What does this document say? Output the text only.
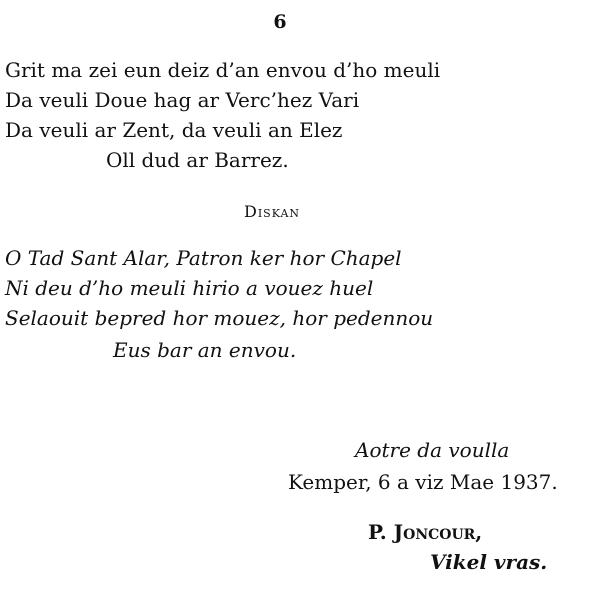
6
Grit ma zei eun deiz d’an envou d’ho meuli
Da veuli Doue hag ar Verc’hez Vari
Da veuli ar Zent, da veuli an Elez
Oll dud ar Barrez.
Diskan
O Tad Sant Alar, Patron ker hor Chapel
Ni deu d’ho meuli hirio a vouez huel
Selaouit bepred hor mouez, hor pedennou
Eus bar an envou.
Aotre da voulla
Kemper, 6 a viz Mae 1937.
P. Joncour,
Vikel vras.
